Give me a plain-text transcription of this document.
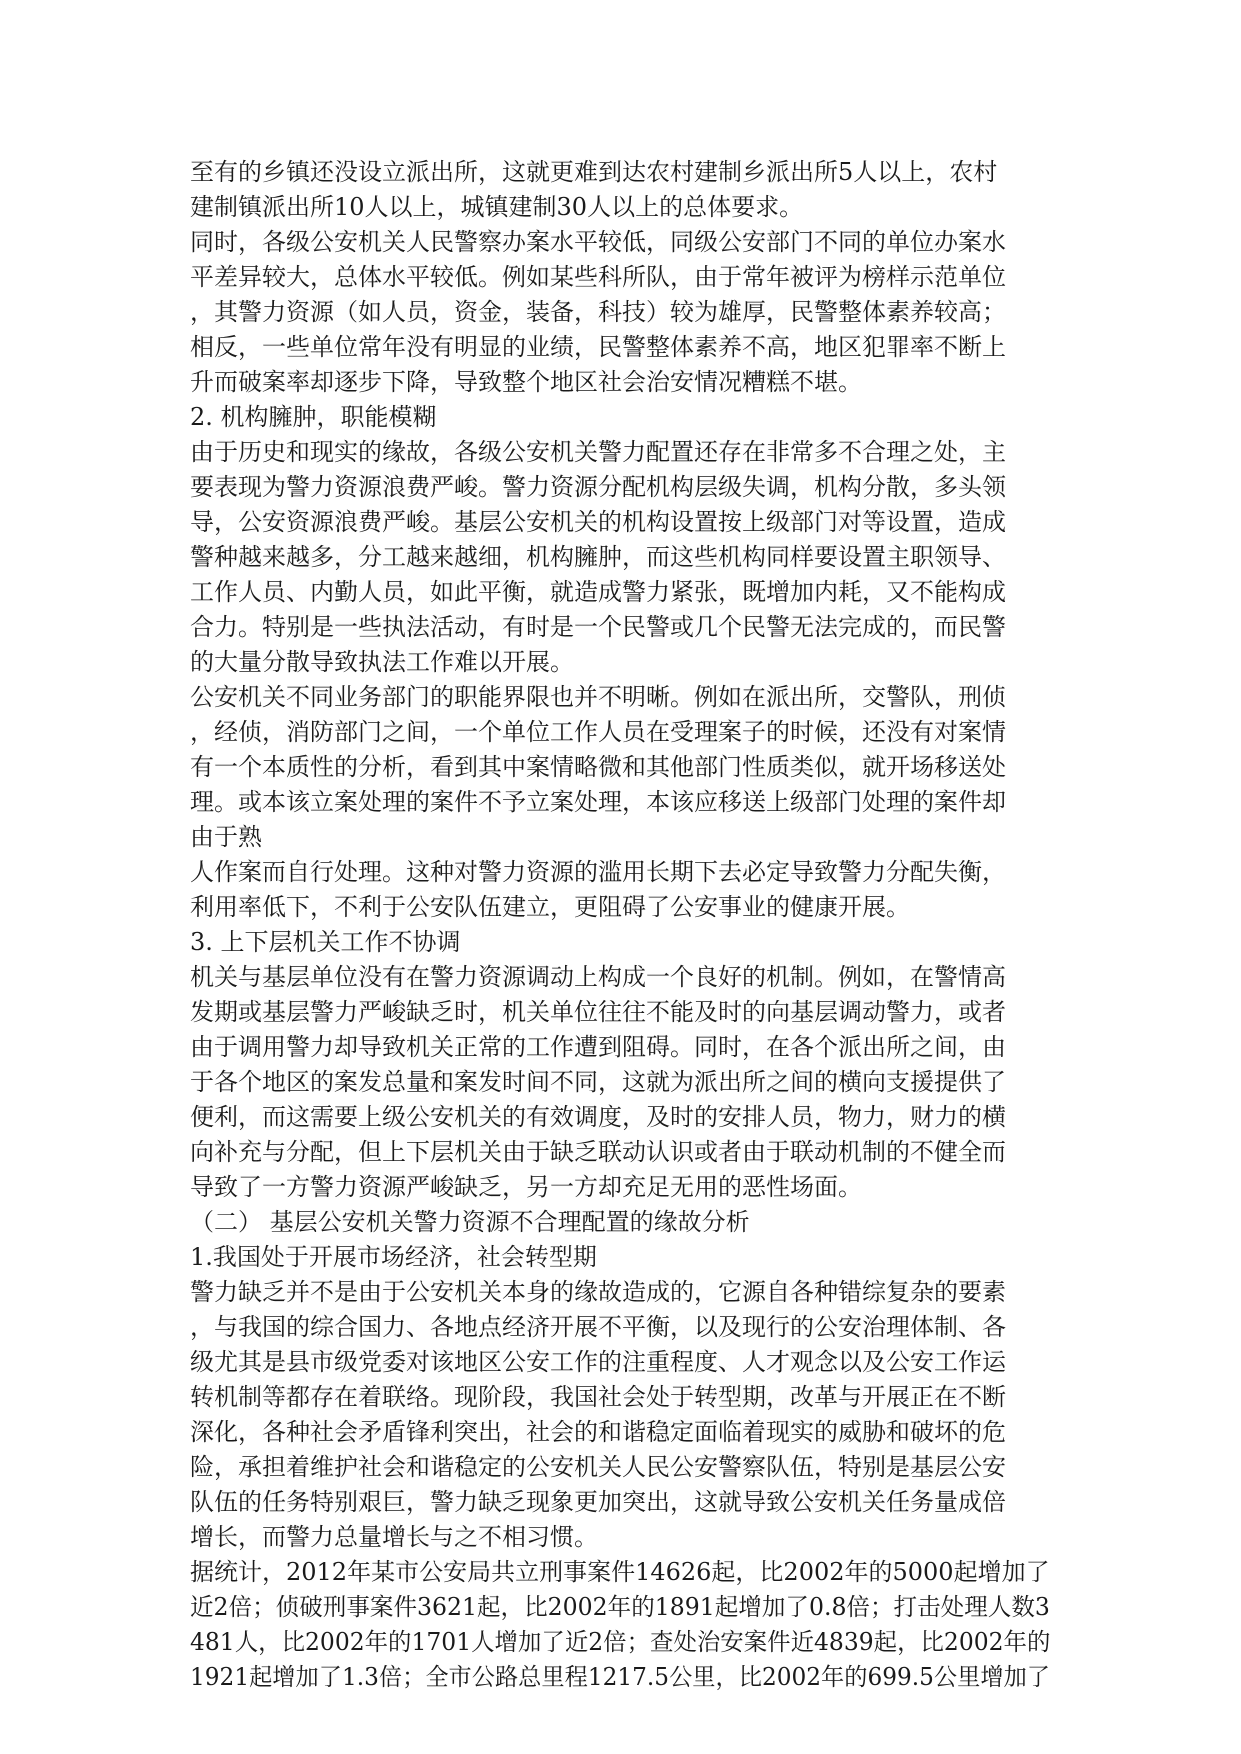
至有的乡镇还没设立派出所，这就更难到达农村建制乡派出所5人以上，农村
建制镇派出所10人以上，城镇建制30人以上的总体要求。
同时，各级公安机关人民警察办案水平较低，同级公安部门不同的单位办案水
平差异较大，总体水平较低。例如某些科所队，由于常年被评为榜样示范单位
，其警力资源（如人员，资金，装备，科技）较为雄厚，民警整体素养较高；
相反，一些单位常年没有明显的业绩，民警整体素养不高，地区犯罪率不断上
升而破案率却逐步下降，导致整个地区社会治安情况糟糕不堪。
2. 机构臃肿，职能模糊
由于历史和现实的缘故，各级公安机关警力配置还存在非常多不合理之处，主
要表现为警力资源浪费严峻。警力资源分配机构层级失调，机构分散，多头领
导，公安资源浪费严峻。基层公安机关的机构设置按上级部门对等设置，造成
警种越来越多，分工越来越细，机构臃肿，而这些机构同样要设置主职领导、
工作人员、内勤人员，如此平衡，就造成警力紧张，既增加内耗，又不能构成
合力。特别是一些执法活动，有时是一个民警或几个民警无法完成的，而民警
的大量分散导致执法工作难以开展。
公安机关不同业务部门的职能界限也并不明晰。例如在派出所，交警队，刑侦
，经侦，消防部门之间，一个单位工作人员在受理案子的时候，还没有对案情
有一个本质性的分析，看到其中案情略微和其他部门性质类似，就开场移送处
理。或本该立案处理的案件不予立案处理，本该应移送上级部门处理的案件却
由于熟
人作案而自行处理。这种对警力资源的滥用长期下去必定导致警力分配失衡，
利用率低下，不利于公安队伍建立，更阻碍了公安事业的健康开展。
3. 上下层机关工作不协调
机关与基层单位没有在警力资源调动上构成一个良好的机制。例如，在警情高
发期或基层警力严峻缺乏时，机关单位往往不能及时的向基层调动警力，或者
由于调用警力却导致机关正常的工作遭到阻碍。同时，在各个派出所之间，由
于各个地区的案发总量和案发时间不同，这就为派出所之间的横向支援提供了
便利，而这需要上级公安机关的有效调度，及时的安排人员，物力，财力的横
向补充与分配，但上下层机关由于缺乏联动认识或者由于联动机制的不健全而
导致了一方警力资源严峻缺乏，另一方却充足无用的恶性场面。
（二） 基层公安机关警力资源不合理配置的缘故分析
1.我国处于开展市场经济，社会转型期
警力缺乏并不是由于公安机关本身的缘故造成的，它源自各种错综复杂的要素
，与我国的综合国力、各地点经济开展不平衡，以及现行的公安治理体制、各
级尤其是县市级党委对该地区公安工作的注重程度、人才观念以及公安工作运
转机制等都存在着联络。现阶段，我国社会处于转型期，改革与开展正在不断
深化，各种社会矛盾锋利突出，社会的和谐稳定面临着现实的威胁和破坏的危
险，承担着维护社会和谐稳定的公安机关人民公安警察队伍，特别是基层公安
队伍的任务特别艰巨，警力缺乏现象更加突出，这就导致公安机关任务量成倍
增长，而警力总量增长与之不相习惯。
据统计，2012年某市公安局共立刑事案件14626起，比2002年的5000起增加了
近2倍；侦破刑事案件3621起，比2002年的1891起增加了0.8倍；打击处理人数3
481人，比2002年的1701人增加了近2倍；查处治安案件近4839起，比2002年的
1921起增加了1.3倍；全市公路总里程1217.5公里，比2002年的699.5公里增加了
